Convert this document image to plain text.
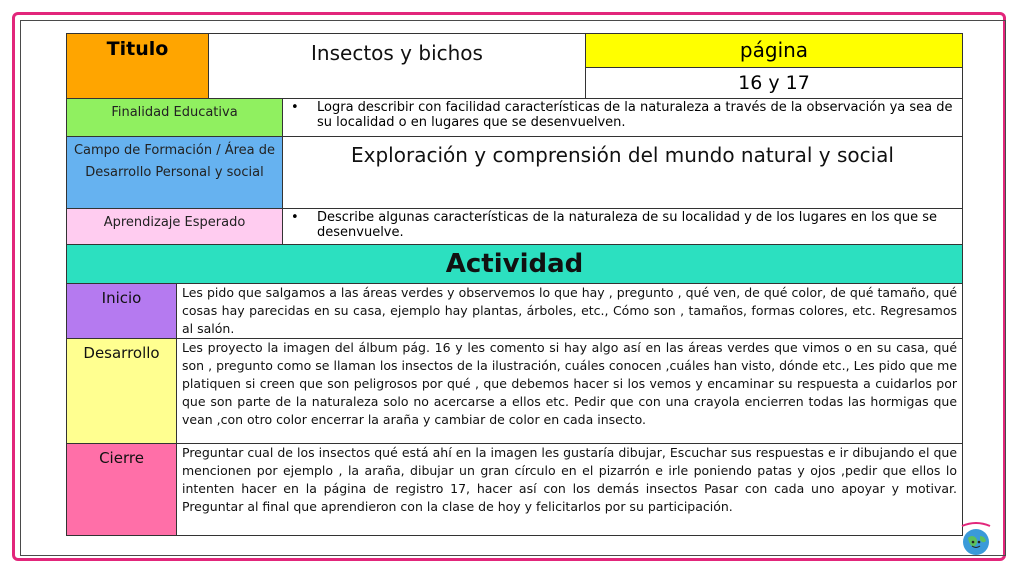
Titulo	Insectos y bichos	página

16 y 17
Finalidad Educativa	• Logra describir con facilidad características de la naturaleza a través de la observación ya sea de su localidad o en lugares que se desenvuelven.

Campo de Formación / Área de Desarrollo Personal y social	Exploración y comprensión del mundo natural y social

Aprendizaje Esperado	• Describe algunas características de la naturaleza de su localidad y de los lugares en los que se desenvuelve.
Actividad	

Inicio	Les pido que salgamos a las áreas verdes y observemos lo que hay , pregunto , qué ven, de qué color, de qué tamaño, qué cosas hay parecidas en su casa, ejemplo hay plantas, árboles, etc., Cómo son , tamaños, formas colores, etc. Regresamos al salón.

Desarrollo	Les proyecto la imagen del álbum pág. 16 y les comento si hay algo así en las áreas verdes que vimos o en su casa, qué son , pregunto como se llaman los insectos de la ilustración, cuáles conocen ,cuáles han visto, dónde etc., Les pido que me platiquen si creen que son peligrosos por qué , que debemos hacer si los vemos y encaminar su respuesta a cuidarlos por que son parte de la naturaleza solo no acercarse a ellos etc. Pedir que con una crayola encierren todas las hormigas que vean ,con otro color encerrar la araña y cambiar de color en cada insecto.

Cierre	Preguntar cual de los insectos qué está ahí en la imagen les gustaría dibujar, Escuchar sus respuestas e ir dibujando el que mencionen por ejemplo , la araña, dibujar un gran círculo en el pizarrón e irle poniendo patas y ojos ,pedir que ellos lo intenten hacer en la página de registro 17, hacer así con los demás insectos Pasar con cada uno apoyar y motivar. Preguntar al final que aprendieron con la clase de hoy y felicitarlos por su participación.
